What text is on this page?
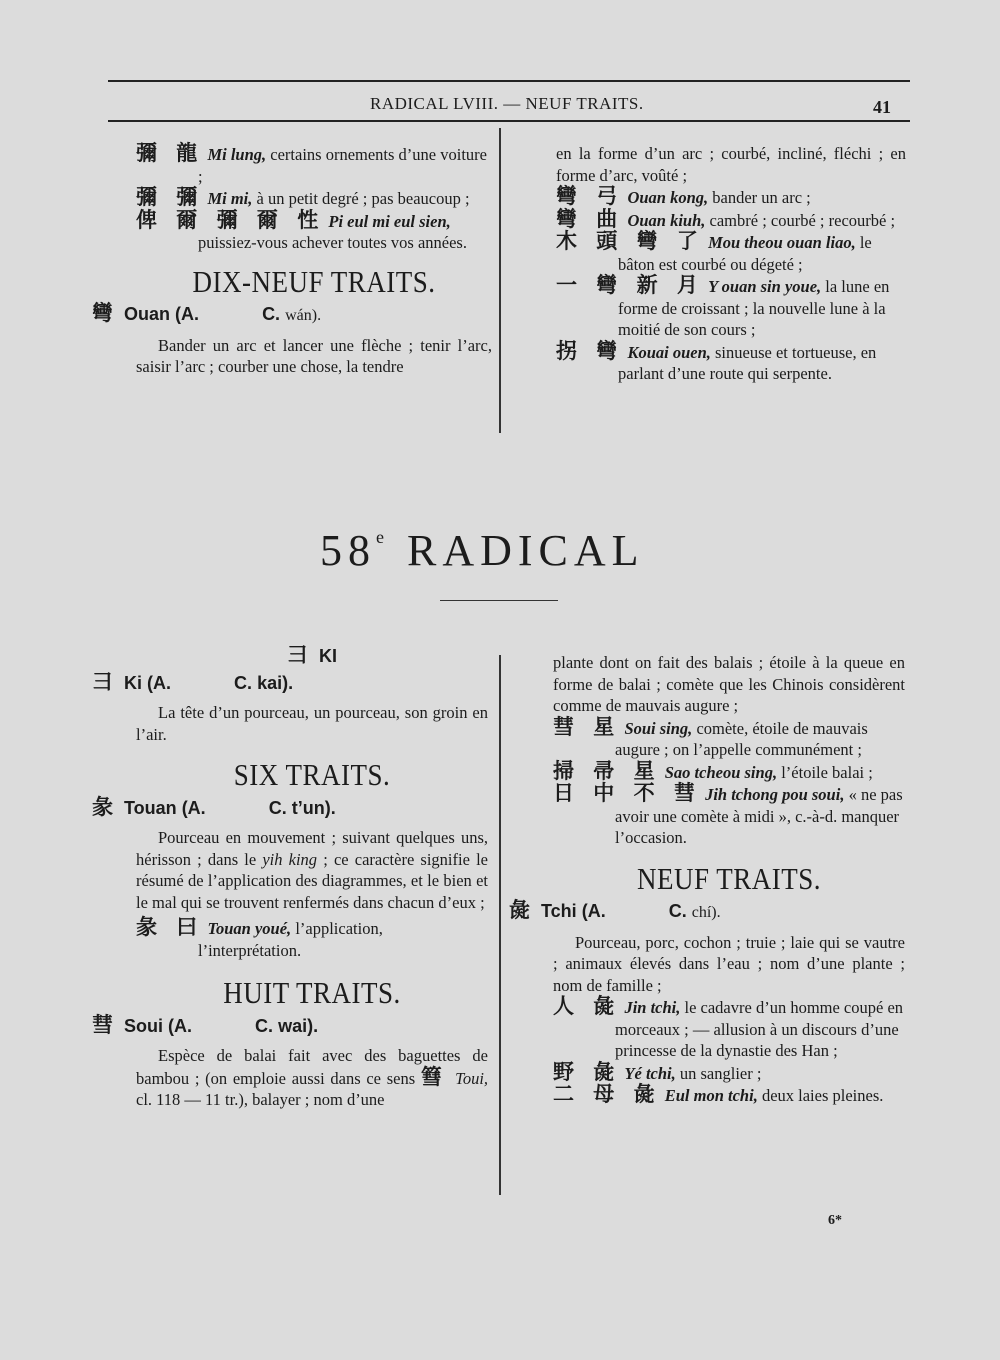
RADICAL LVIII. — NEUF TRAITS.	41

彌 龍 Mi lung, certains ornements d’une voiture ;

彌 彌 Mi mi, à un petit degré ; pas beaucoup ;

俾 爾 彌 爾 性 Pi eul mi eul sien, puissiez-vous achever toutes vos années.

DIX-NEUF TRAITS.

彎 Ouan (A.	C. wán).

Bander un arc et lancer une flèche ; tenir l’arc, saisir l’arc ; courber une chose, la tendre

en la forme d’un arc ; courbé, incliné, fléchi ; en forme d’arc, voûté ;

彎 弓 Ouan kong, bander un arc ;

彎 曲 Ouan kiuh, cambré ; courbé ; recourbé ;

木 頭 彎 了 Mou theou ouan liao, le bâton est courbé ou dégeté ;

一 彎 新 月 Y ouan sin youe, la lune en forme de croissant ; la nouvelle lune à la moitié de son cours ;

拐 彎 Kouai ouen, sinueuse et tortueuse, en parlant d’une route qui serpente.

58e RADICAL

彐 KI

彐 Ki (A.	C. kai).

La tête d’un pourceau, un pourceau, son groin en l’air.

SIX TRAITS.

彖 Touan (A.	C. t’un).

Pourceau en mouvement ; suivant quelques uns, hérisson ; dans le yih king ; ce caractère signifie le résumé de l’application des diagrammes, et le bien et le mal qui se trouvent renfermés dans chacun d’eux ;

彖 曰 Touan youé, l’application, l’interprétation.

HUIT TRAITS.

彗 Soui (A.	C. wai).

Espèce de balai fait avec des baguettes de bambou ; (on emploie aussi dans ce sens 篲 Toui, cl. 118 — 11 tr.), balayer ; nom d’une

plante dont on fait des balais ; étoile à la queue en forme de balai ; comète que les Chinois considèrent comme de mauvais augure ;

彗 星 Soui sing, comète, étoile de mauvais augure ; on l’appelle communément ;

掃 帚 星 Sao tcheou sing, l’étoile balai ;

日 中 不 彗 Jih tchong pou soui, « ne pas avoir une comète à midi », c.-à-d. manquer l’occasion.

NEUF TRAITS.

彘 Tchi (A.	C. chí).

Pourceau, porc, cochon ; truie ; laie qui se vautre ; animaux élevés dans l’eau ; nom d’une plante ; nom de famille ;

人 彘 Jin tchi, le cadavre d’un homme coupé en morceaux ; — allusion à un discours d’une princesse de la dynastie des Han ;

野 彘 Yé tchi, un sanglier ;

二 母 彘 Eul mon tchi, deux laies pleines.

6*
